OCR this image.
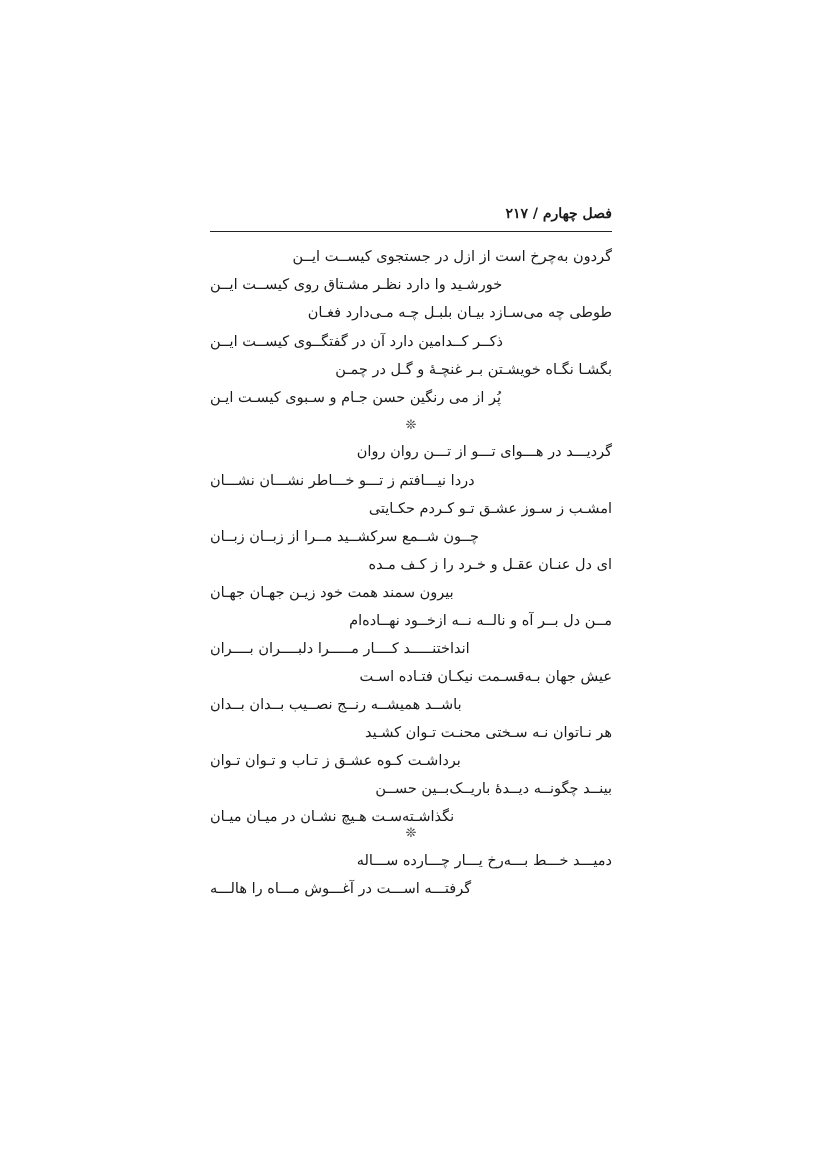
فصل چهارم / ۲۱۷
گردون به‌چرخ است از ازل در جستجوی کیســت ایــن
خورشـید وا دارد نظـر مشـتاق روی کیســت ایــن
طوطی چه می‌سـازد بیـان بلبـل چـه مـی‌دارد فغـان
ذکــر کــدامین دارد آن در گفتگــوی کیســت ایــن
بگشـا نگـاه خویشـتن بـر غنچـهٔ و گـل در چمـن
پُر از می رنگین حسن جـام و سـبوی کیسـت ایـن
❊
گردیـــد در هـــوای تـــو از تـــن روان روان
دردا نیـــافتم ز تـــو خـــاطر نشـــان نشـــان
امشـب ز سـوز عشـق تـو کـردم حکـایتی
چــون شــمع سرکشــید مــرا از زبــان زبــان
ای دل عنـان عقـل و خـرد را ز کـف مـده
بیرون سمند همت خود زیـن جهـان جهـان
مــن دل بــر آه و نالــه نــه ازخــود نهــاده‌ام
انداختنـــــد کــــار مـــــرا دلبــــران بــــران
عیش جهان بـه‌قسـمت نیکـان فتـاده اسـت
باشــد همیشــه رنــج نصــیب بــدان بــدان
هر نـاتوان نـه سـختی محنـت تـوان کشـید
برداشـت کـوه عشـق ز تـاب و تـوان تـوان
بینــد چگونــه دیــدهٔ باریــک‌بــین حســن
نگذاشـته‌سـت هـیچ نشـان در میـان میـان
❊
دمیـــد خـــط بـــه‌رخ یـــار چـــارده ســـاله
گرفتـــه اســـت در آغـــوش مـــاه را هالـــه
